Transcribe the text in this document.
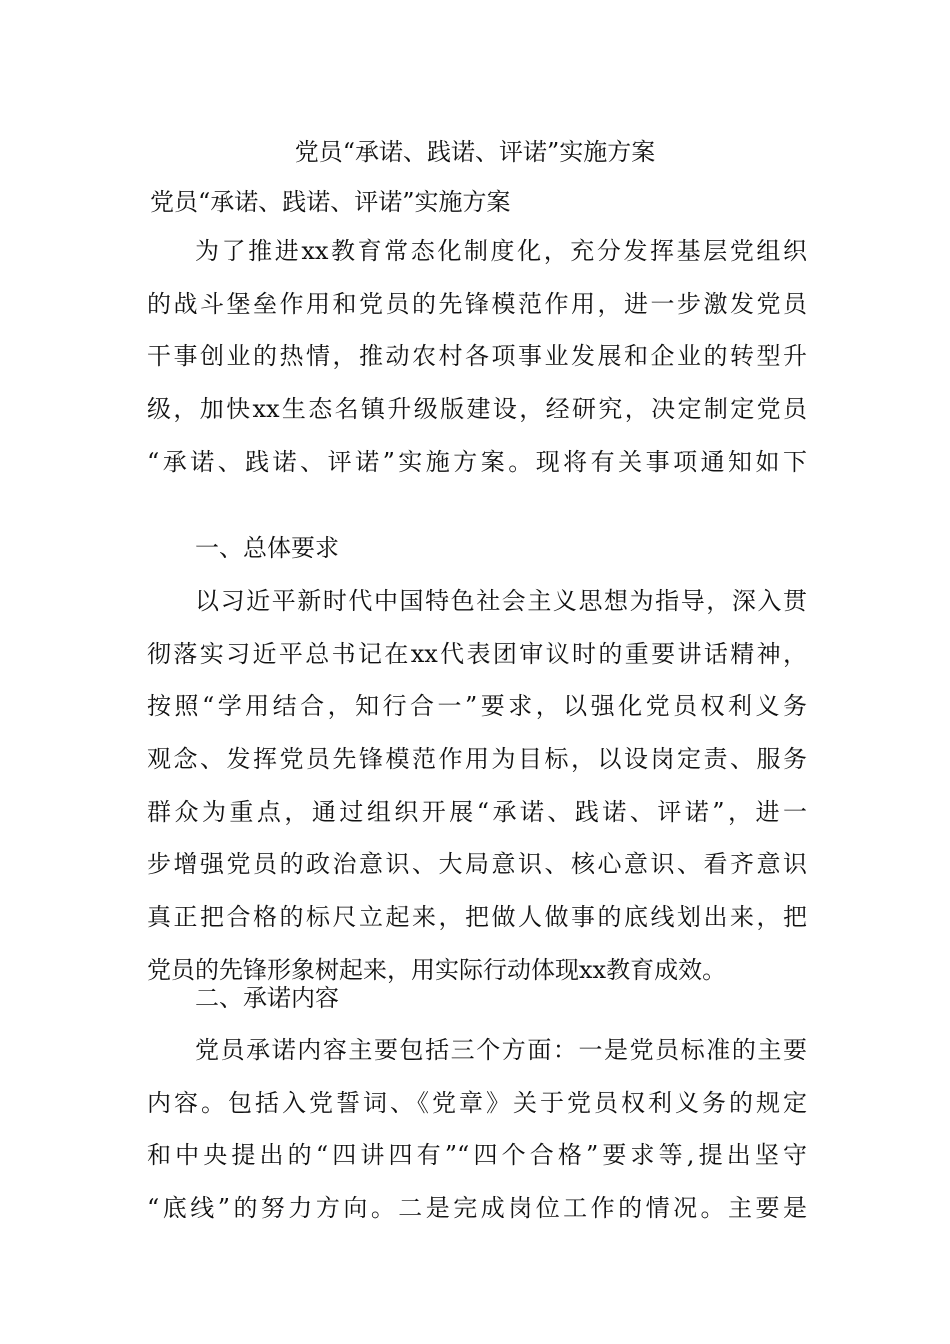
党员“承诺、践诺、评诺”实施方案
党员“承诺、践诺、评诺”实施方案
为了推进xx教育常态化制度化，充分发挥基层党组织
的战斗堡垒作用和党员的先锋模范作用，进一步激发党员
干事创业的热情，推动农村各项事业发展和企业的转型升
级，加快xx生态名镇升级版建设，经研究，决定制定党员
“承诺、践诺、评诺”实施方案。现将有关事项通知如下
一、总体要求
以习近平新时代中国特色社会主义思想为指导，深入贯
彻落实习近平总书记在xx代表团审议时的重要讲话精神，
按照“学用结合，知行合一”要求，以强化党员权利义务
观念、发挥党员先锋模范作用为目标，以设岗定责、服务
群众为重点，通过组织开展“承诺、践诺、评诺”，进一
步增强党员的政治意识、大局意识、核心意识、看齐意识
真正把合格的标尺立起来，把做人做事的底线划出来，把
党员的先锋形象树起来，用实际行动体现xx教育成效。
二、承诺内容
党员承诺内容主要包括三个方面：一是党员标准的主要
内容。包括入党誓词、《党章》关于党员权利义务的规定
和中央提出的“四讲四有”“四个合格”要求等,提出坚守
“底线”的努力方向。二是完成岗位工作的情况。主要是
